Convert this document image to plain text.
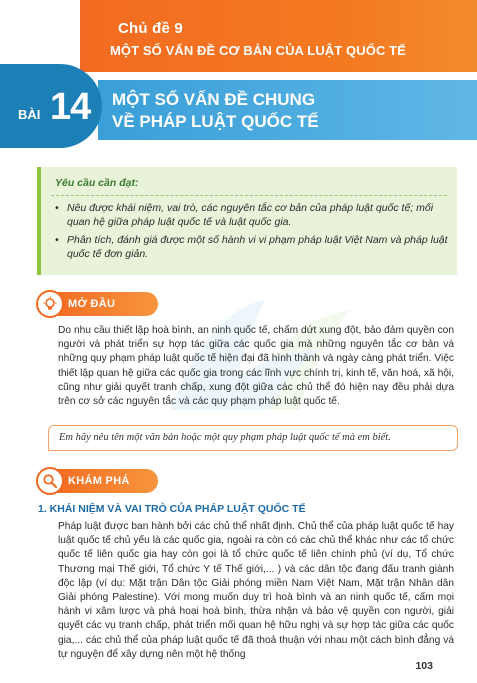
Chủ đề 9
MỘT SỐ VẤN ĐỀ CƠ BẢN CỦA LUẬT QUỐC TẾ
BÀI 14 MỘT SỐ VẤN ĐỀ CHUNG
VỀ PHÁP LUẬT QUỐC TẾ
Yêu cầu cần đạt:
• Nêu được khái niệm, vai trò, các nguyên tắc cơ bản của pháp luật quốc tế; mối quan hệ giữa pháp luật quốc tế và luật quốc gia.
• Phân tích, đánh giá được một số hành vi vi phạm pháp luật Việt Nam và pháp luật quốc tế đơn giản.
MỞ ĐẦU
Do nhu cầu thiết lập hoà bình, an ninh quốc tế, chấm dứt xung đột, bảo đảm quyền con người và phát triển sự hợp tác giữa các quốc gia mà những nguyên tắc cơ bản và những quy phạm pháp luật quốc tế hiện đại đã hình thành và ngày càng phát triển. Việc thiết lập quan hệ giữa các quốc gia trong các lĩnh vực chính trị, kinh tế, văn hoá, xã hội, cũng như giải quyết tranh chấp, xung đột giữa các chủ thể đó hiện nay đều phải dựa trên cơ sở các nguyên tắc và các quy phạm pháp luật quốc tế.
Em hãy nêu tên một văn bản hoặc một quy phạm pháp luật quốc tế mà em biết.
KHÁM PHÁ
1. KHÁI NIỆM VÀ VAI TRÒ CỦA PHÁP LUẬT QUỐC TẾ
Pháp luật được ban hành bởi các chủ thể nhất định. Chủ thể của pháp luật quốc tế hay luật quốc tế chủ yếu là các quốc gia, ngoài ra còn có các chủ thể khác như các tổ chức quốc tế liên quốc gia hay còn gọi là tổ chức quốc tế liên chính phủ (ví dụ, Tổ chức Thương mại Thế giới, Tổ chức Y tế Thế giới,... ) và các dân tộc đang đấu tranh giành độc lập (ví dụ: Mặt trận Dân tộc Giải phóng miền Nam Việt Nam, Mặt trận Nhân dân Giải phóng Palestine). Với mong muốn duy trì hoà bình và an ninh quốc tế, cấm mọi hành vi xâm lược và phá hoại hoà bình, thừa nhận và bảo vệ quyền con người, giải quyết các vụ tranh chấp, phát triển mối quan hệ hữu nghị và sự hợp tác giữa các quốc gia,... các chủ thể của pháp luật quốc tế đã thoả thuận với nhau một cách bình đẳng và tự nguyện để xây dựng nên một hệ thống
103
